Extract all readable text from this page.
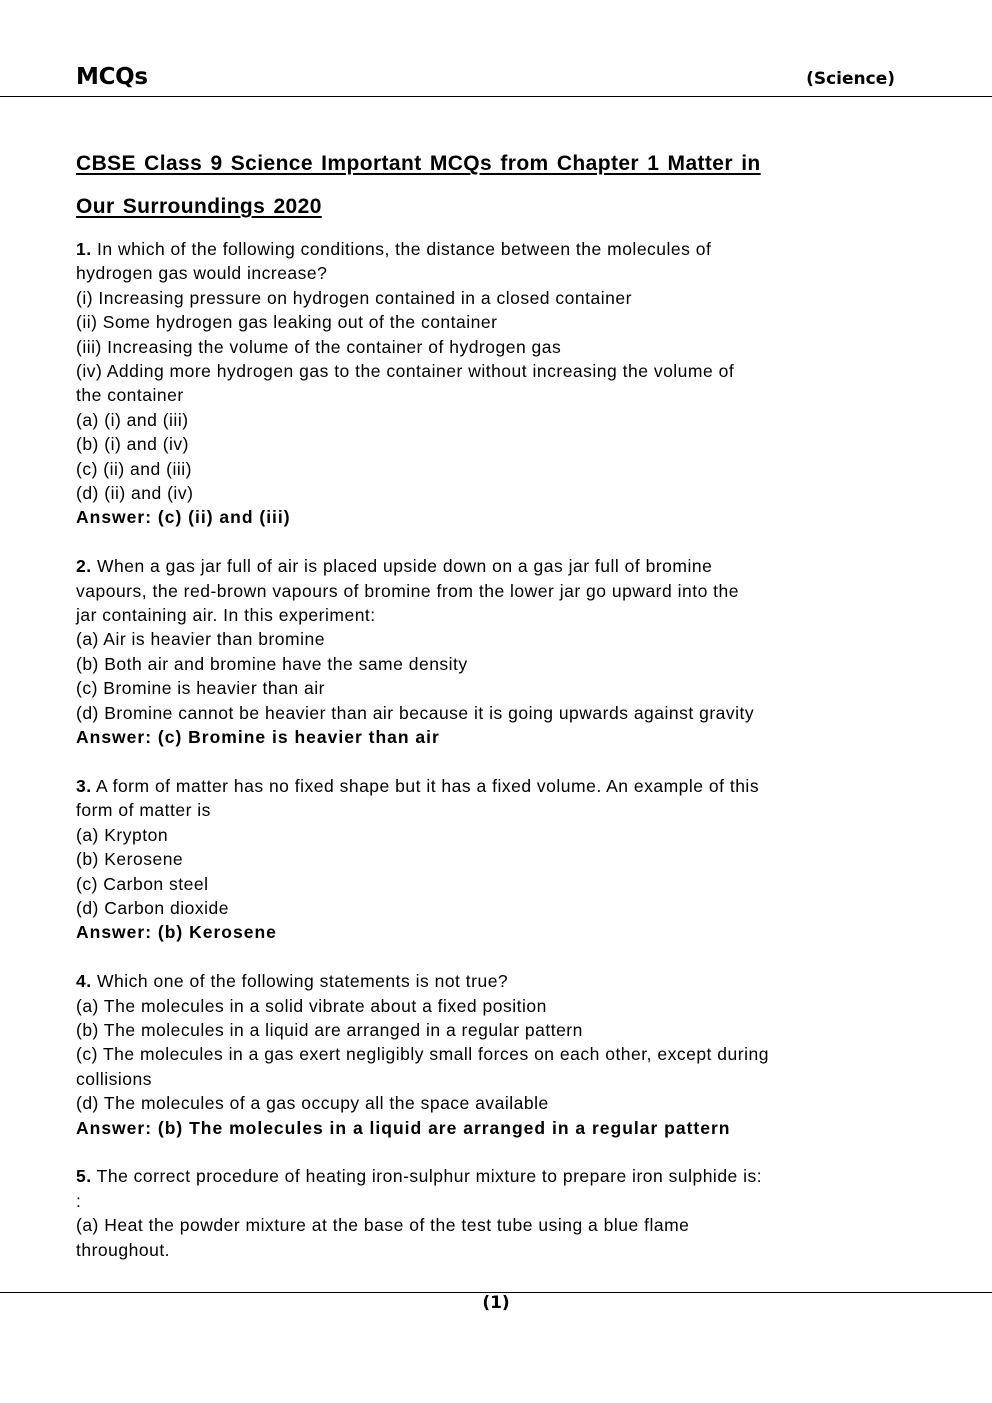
MCQs	(Science)
CBSE Class 9 Science Important MCQs from Chapter 1 Matter in
Our Surroundings 2020

1. In which of the following conditions, the distance between the molecules of

hydrogen gas would increase?

(i) Increasing pressure on hydrogen contained in a closed container

(ii) Some hydrogen gas leaking out of the container

(iii) Increasing the volume of the container of hydrogen gas

(iv) Adding more hydrogen gas to the container without increasing the volume of

the container

(a) (i) and (iii)

(b) (i) and (iv)

(c) (ii) and (iii)

(d) (ii) and (iv)

Answer: (c) (ii) and (iii)

2. When a gas jar full of air is placed upside down on a gas jar full of bromine

vapours, the red-brown vapours of bromine from the lower jar go upward into the

jar containing air. In this experiment:

(a) Air is heavier than bromine

(b) Both air and bromine have the same density

(c) Bromine is heavier than air

(d) Bromine cannot be heavier than air because it is going upwards against gravity

Answer: (c) Bromine is heavier than air

3. A form of matter has no fixed shape but it has a fixed volume. An example of this

form of matter is

(a) Krypton

(b) Kerosene

(c) Carbon steel

(d) Carbon dioxide

Answer: (b) Kerosene

4. Which one of the following statements is not true?

(a) The molecules in a solid vibrate about a fixed position

(b) The molecules in a liquid are arranged in a regular pattern

(c) The molecules in a gas exert negligibly small forces on each other, except during

collisions

(d) The molecules of a gas occupy all the space available

Answer: (b) The molecules in a liquid are arranged in a regular pattern

5. The correct procedure of heating iron-sulphur mixture to prepare iron sulphide is:

:

(a) Heat the powder mixture at the base of the test tube using a blue flame

throughout.

(1)
